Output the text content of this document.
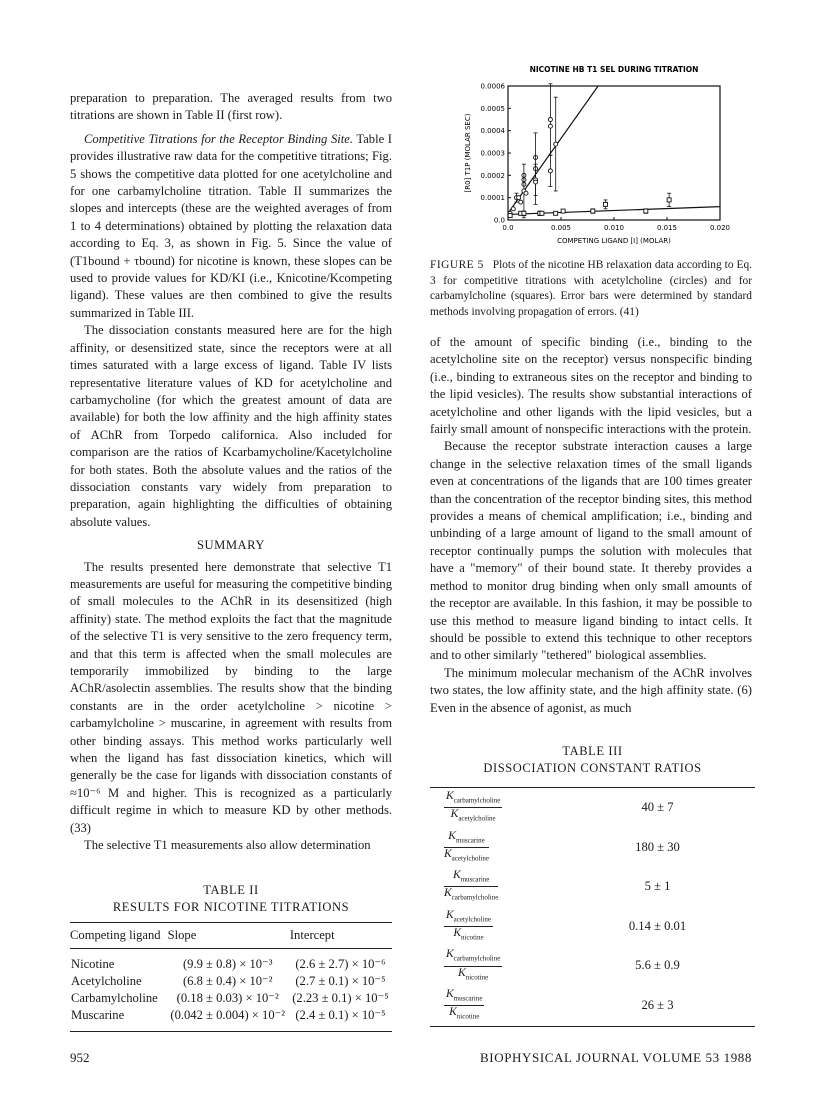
preparation to preparation. The averaged results from two titrations are shown in Table II (first row).

Competitive Titrations for the Receptor Binding Site. Table I provides illustrative raw data for the competitive titrations; Fig. 5 shows the competitive data plotted for one acetylcholine and for one carbamylcholine titration. Table II summarizes the slopes and intercepts (these are the weighted averages of from 1 to 4 determinations) obtained by plotting the relaxation data according to Eq. 3, as shown in Fig. 5. Since the value of (T1bound + τbound) for nicotine is known, these slopes can be used to provide values for KD/KI (i.e., Knicotine/Kcompeting ligand). These values are then combined to give the results summarized in Table III.

The dissociation constants measured here are for the high affinity, or desensitized state, since the receptors were at all times saturated with a large excess of ligand. Table IV lists representative literature values of KD for acetylcholine and carbamycholine (for which the greatest amount of data are available) for both the low affinity and the high affinity states of AChR from Torpedo californica. Also included for comparison are the ratios of Kcarbamycholine/Kacetylcholine for both states. Both the absolute values and the ratios of the dissociation constants vary widely from preparation to preparation, again highlighting the difficulties of obtaining absolute values.

SUMMARY

The results presented here demonstrate that selective T1 measurements are useful for measuring the competitive binding of small molecules to the AChR in its desensitized (high affinity) state. The method exploits the fact that the magnitude of the selective T1 is very sensitive to the zero frequency term, and that this term is affected when the small molecules are temporarily immobilized by binding to the large AChR/asolectin assemblies. The results show that the binding constants are in the order acetylcholine > nicotine > carbamylcholine > muscarine, in agreement with results from other binding assays. This method works particularly well when the ligand has fast dissociation kinetics, which will generally be the case for ligands with dissociation constants of ≈10⁻⁶ M and higher. This is recognized as a particularly difficult regime in which to measure KD by other methods. (33)

The selective T1 measurements also allow determination

TABLE II
RESULTS FOR NICOTINE TITRATIONS
Competing ligand	Slope	Intercept
Nicotine	(9.9 ± 0.8) × 10⁻³	(2.6 ± 2.7) × 10⁻⁶
Acetylcholine	(6.8 ± 0.4) × 10⁻²	(2.7 ± 0.1) × 10⁻⁵
Carbamylcholine	(0.18 ± 0.03) × 10⁻²	(2.23 ± 0.1) × 10⁻⁵
Muscarine	(0.042 ± 0.004) × 10⁻²	(2.4 ± 0.1) × 10⁻⁵
NICOTINE HB T1 SEL DURING TITRATION
0.0	0.005	0.010	0.015	0.020
0.0
0.0001
0.0002
0.0003
0.0004
0.0005
0.0006
COMPETING LIGAND [I] (MOLAR)
[R0] T1P (MOLAR SEC)
FIGURE 5 Plots of the nicotine HB relaxation data according to Eq. 3 for competitive titrations with acetylcholine (circles) and for carbamylcholine (squares). Error bars were determined by standard methods involving propagation of errors. (41)

of the amount of specific binding (i.e., binding to the acetylcholine site on the receptor) versus nonspecific binding (i.e., binding to extraneous sites on the receptor and binding to the lipid vesicles). The results show substantial interactions of acetylcholine and other ligands with the lipid vesicles, but a fairly small amount of nonspecific interactions with the protein.

Because the receptor substrate interaction causes a large change in the selective relaxation times of the small ligands even at concentrations of the ligands that are 100 times greater than the concentration of the receptor binding sites, this method provides a means of chemical amplification; i.e., binding and unbinding of a large amount of ligand to the small amount of receptor continually pumps the solution with molecules that have a "memory" of their bound state. It thereby provides a method to monitor drug binding when only small amounts of the receptor are available. In this fashion, it may be possible to use this method to measure ligand binding to intact cells. It should be possible to extend this technique to other receptors and to other similarly "tethered" biological assemblies.

The minimum molecular mechanism of the AChR involves two states, the low affinity state, and the high affinity state. (6) Even in the absence of agonist, as much

TABLE III
DISSOCIATION CONSTANT RATIOS
$\frac{K_{carbamylcholine}}{K_{acetylcholine}}$	40 ± 7

$\frac{K_{muscarine}}{K_{acetylcholine}}$	180 ± 30

$\frac{K_{muscarine}}{K_{carbamylcholine}}$	5 ± 1

$\frac{K_{acetylcholine}}{K_{nicotine}}$	0.14 ± 0.01

$\frac{K_{carbamylcholine}}{K_{nicotine}}$	5.6 ± 0.9

$\frac{K_{muscarine}}{K_{nicotine}}$	26 ± 3
952	BIOPHYSICAL JOURNAL VOLUME 53 1988
